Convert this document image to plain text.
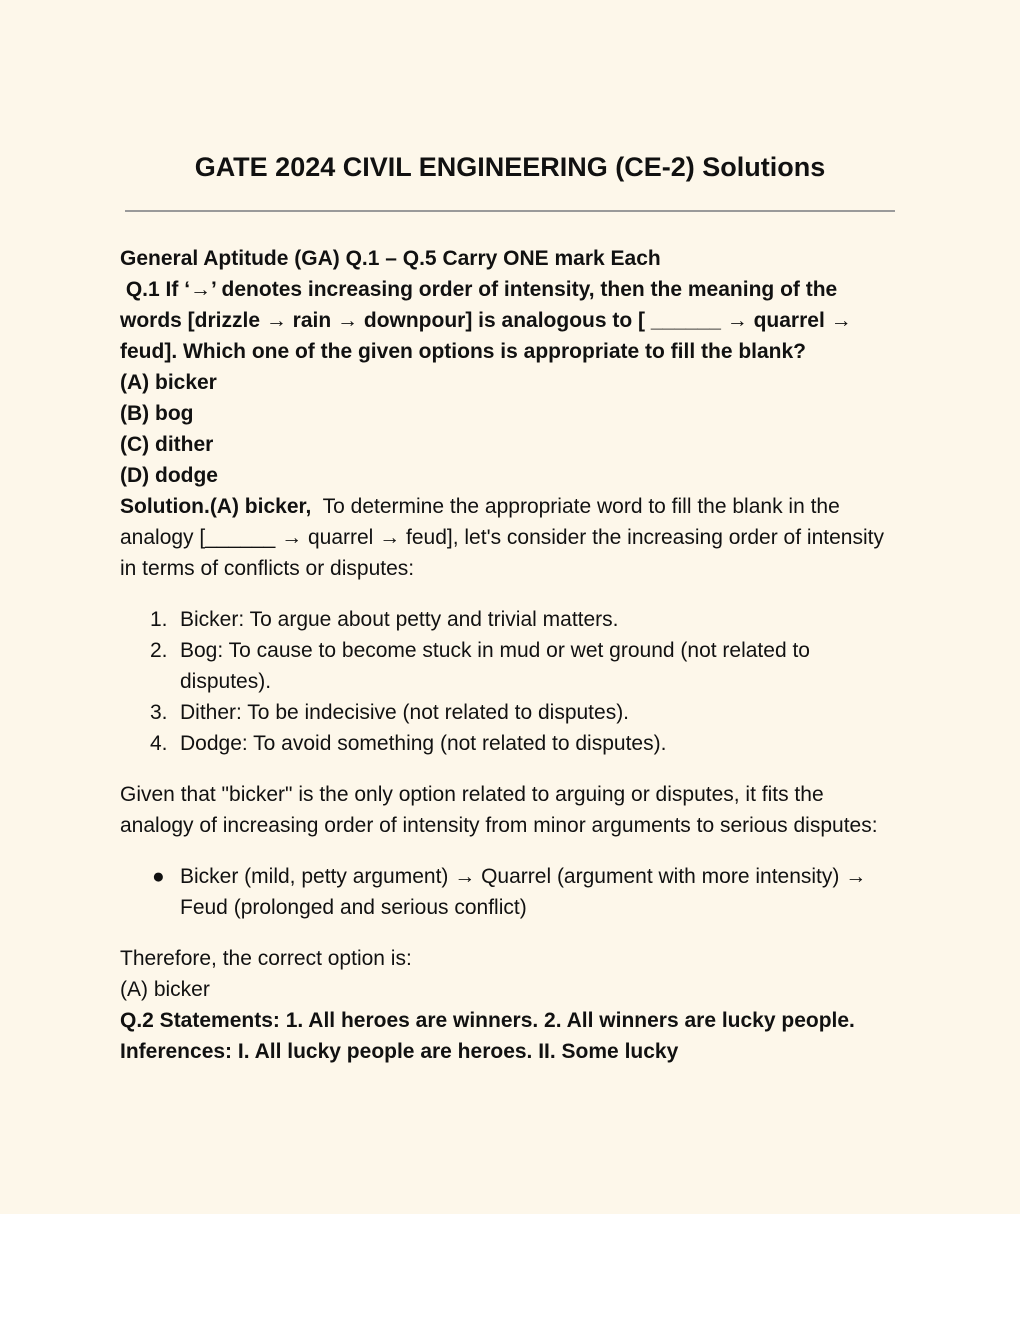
GATE 2024 CIVIL ENGINEERING (CE-2) Solutions

General Aptitude (GA) Q.1 – Q.5 Carry ONE mark Each

Q.1 If ‘→’ denotes increasing order of intensity, then the meaning of the words [drizzle → rain → downpour] is analogous to [ ______ → quarrel → feud]. Which one of the given options is appropriate to fill the blank?

(A) bicker

(B) bog

(C) dither

(D) dodge

Solution.(A) bicker,  To determine the appropriate word to fill the blank in the analogy [______ → quarrel → feud], let's consider the increasing order of intensity in terms of conflicts or disputes:

1. Bicker: To argue about petty and trivial matters.
2. Bog: To cause to become stuck in mud or wet ground (not related to disputes).
3. Dither: To be indecisive (not related to disputes).
4. Dodge: To avoid something (not related to disputes).

Given that "bicker" is the only option related to arguing or disputes, it fits the analogy of increasing order of intensity from minor arguments to serious disputes:

● Bicker (mild, petty argument) → Quarrel (argument with more intensity) → Feud (prolonged and serious conflict)

Therefore, the correct option is:

(A) bicker

Q.2 Statements: 1. All heroes are winners. 2. All winners are lucky people. Inferences: I. All lucky people are heroes. II. Some lucky
